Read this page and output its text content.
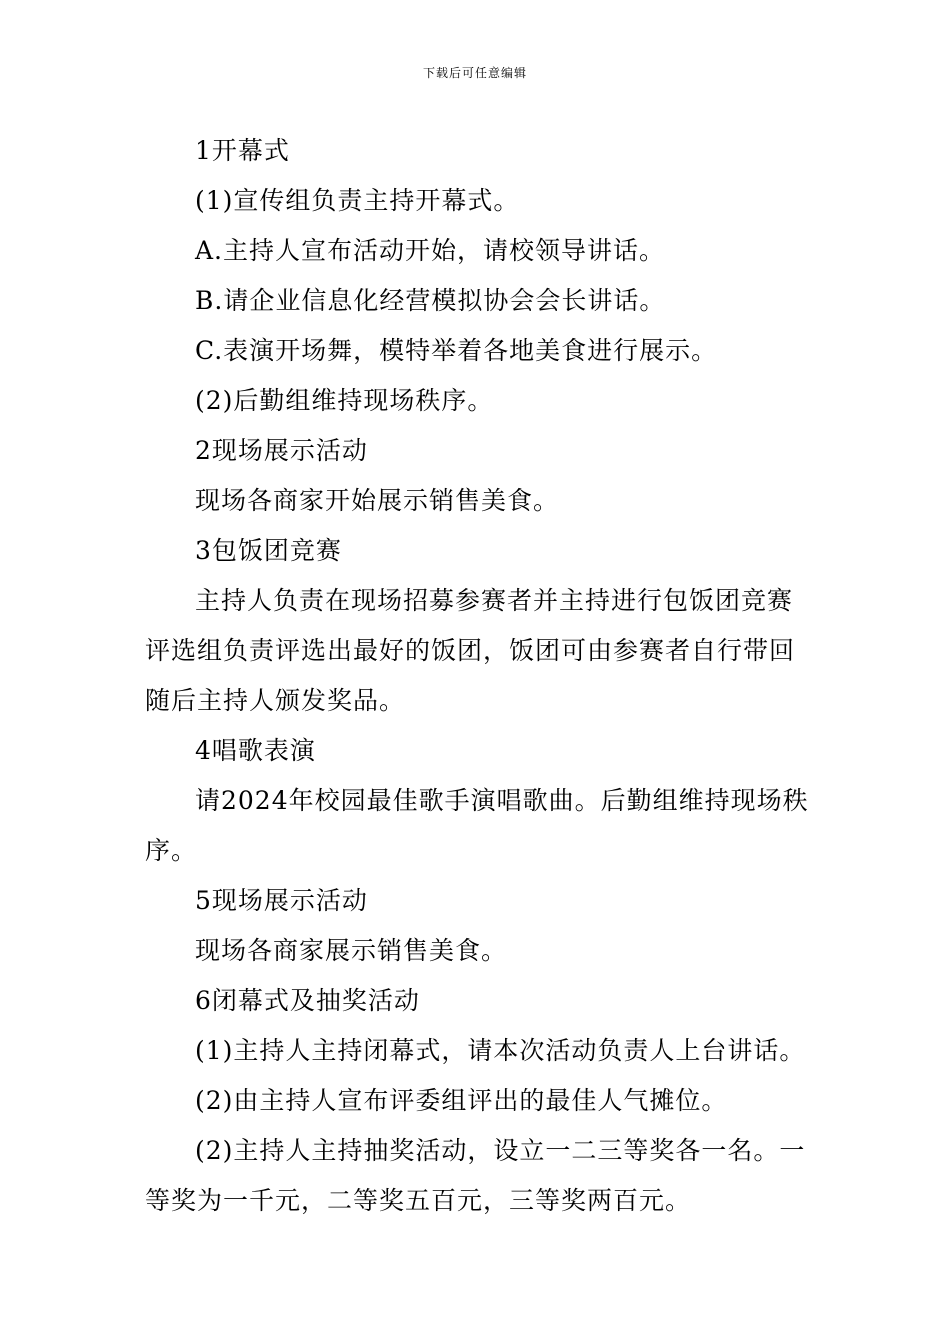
下载后可任意编辑
1开幕式
(1)宣传组负责主持开幕式。
A.主持人宣布活动开始，请校领导讲话。
B.请企业信息化经营模拟协会会长讲话。
C.表演开场舞，模特举着各地美食进行展示。
(2)后勤组维持现场秩序。
2现场展示活动
现场各商家开始展示销售美食。
3包饭团竞赛
主持人负责在现场招募参赛者并主持进行包饭团竞赛
评选组负责评选出最好的饭团，饭团可由参赛者自行带回
随后主持人颁发奖品。
4唱歌表演
请2024年校园最佳歌手演唱歌曲。后勤组维持现场秩
序。
5现场展示活动
现场各商家展示销售美食。
6闭幕式及抽奖活动
(1)主持人主持闭幕式，请本次活动负责人上台讲话。
(2)由主持人宣布评委组评出的最佳人气摊位。
(2)主持人主持抽奖活动，设立一二三等奖各一名。一
等奖为一千元，二等奖五百元，三等奖两百元。
